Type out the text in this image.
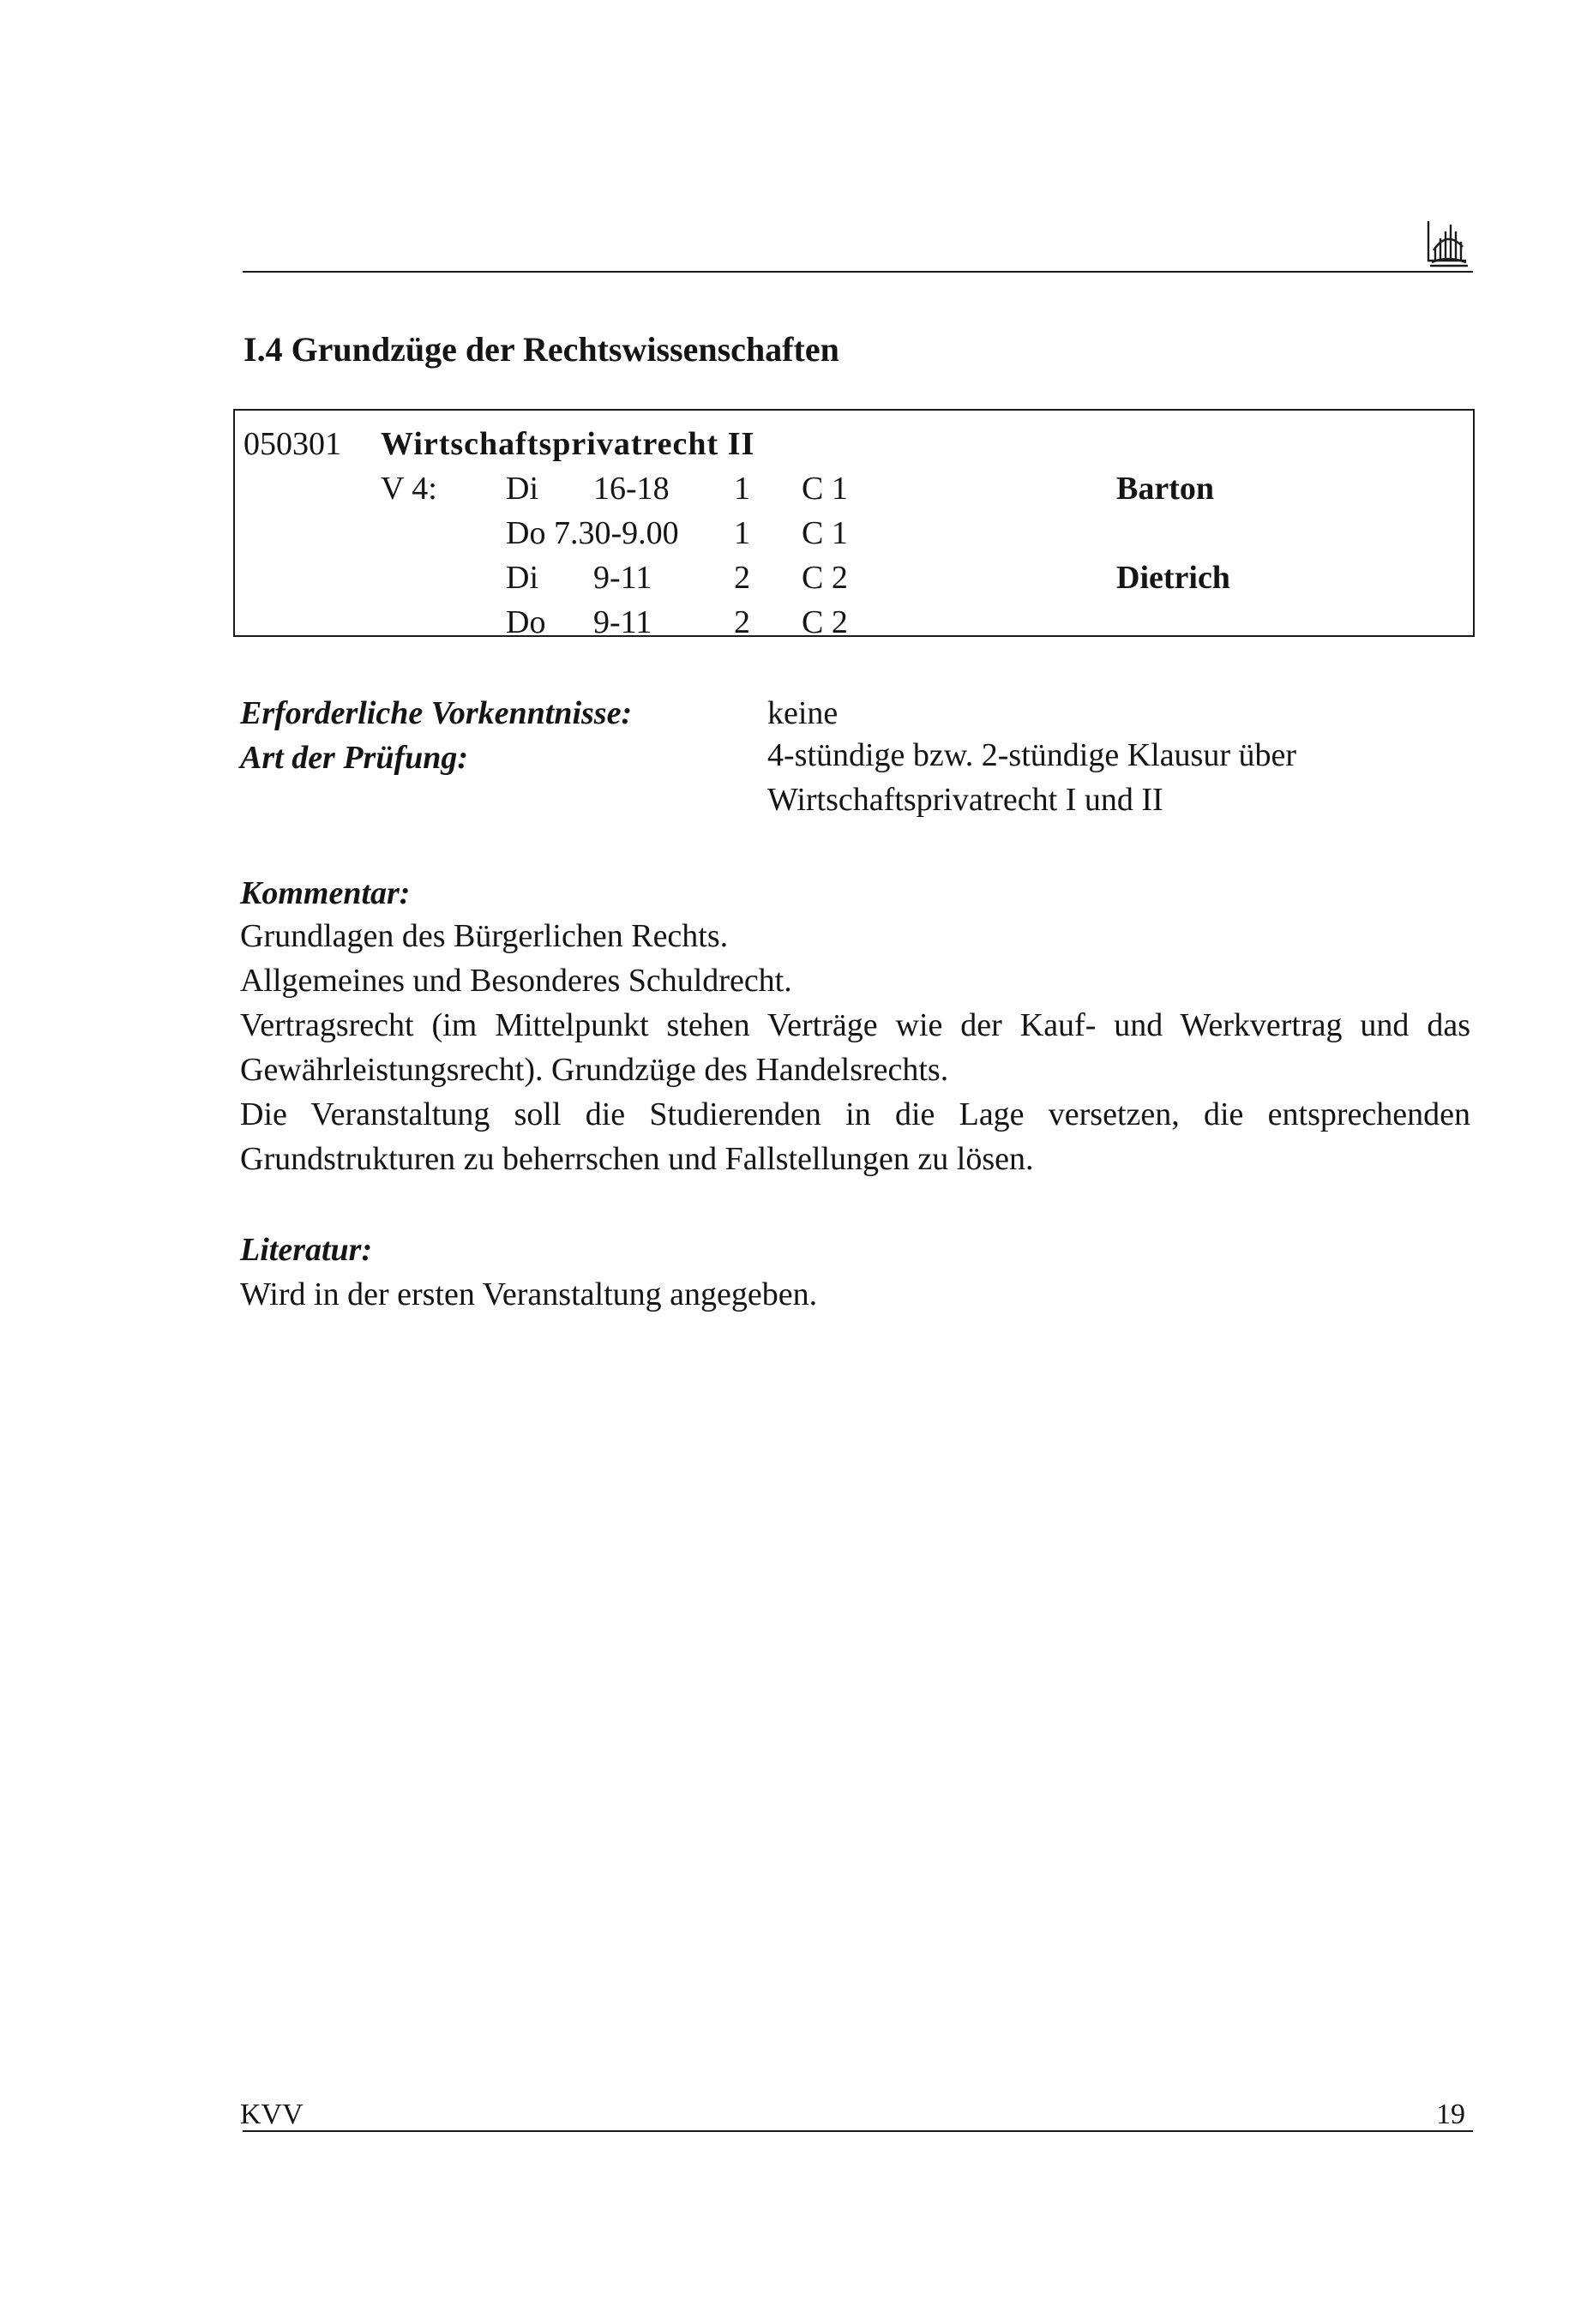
I.4 Grundzüge der Rechtswissenschaften
050301 Wirtschaftsprivatrecht II
V 4: Di 16-18 1 C 1	Barton
Do 7.30-9.00 1 C 1
Di 9-11	2 C 2	Dietrich
Do 9-11	2 C 2
Erforderliche Vorkenntnisse:	keine
Art der Prüfung:	4-stündige bzw. 2-stündige Klausur über
Wirtschaftsprivatrecht I und II
Kommentar:
Grundlagen des Bürgerlichen Rechts.
Allgemeines und Besonderes Schuldrecht.
Vertragsrecht (im Mittelpunkt stehen Verträge wie der Kauf- und Werkvertrag und das
Gewährleistungsrecht). Grundzüge des Handelsrechts.
Die Veranstaltung soll die Studierenden in die Lage versetzen, die entsprechenden
Grundstrukturen zu beherrschen und Fallstellungen zu lösen.
Literatur:
Wird in der ersten Veranstaltung angegeben.
KVV	19
